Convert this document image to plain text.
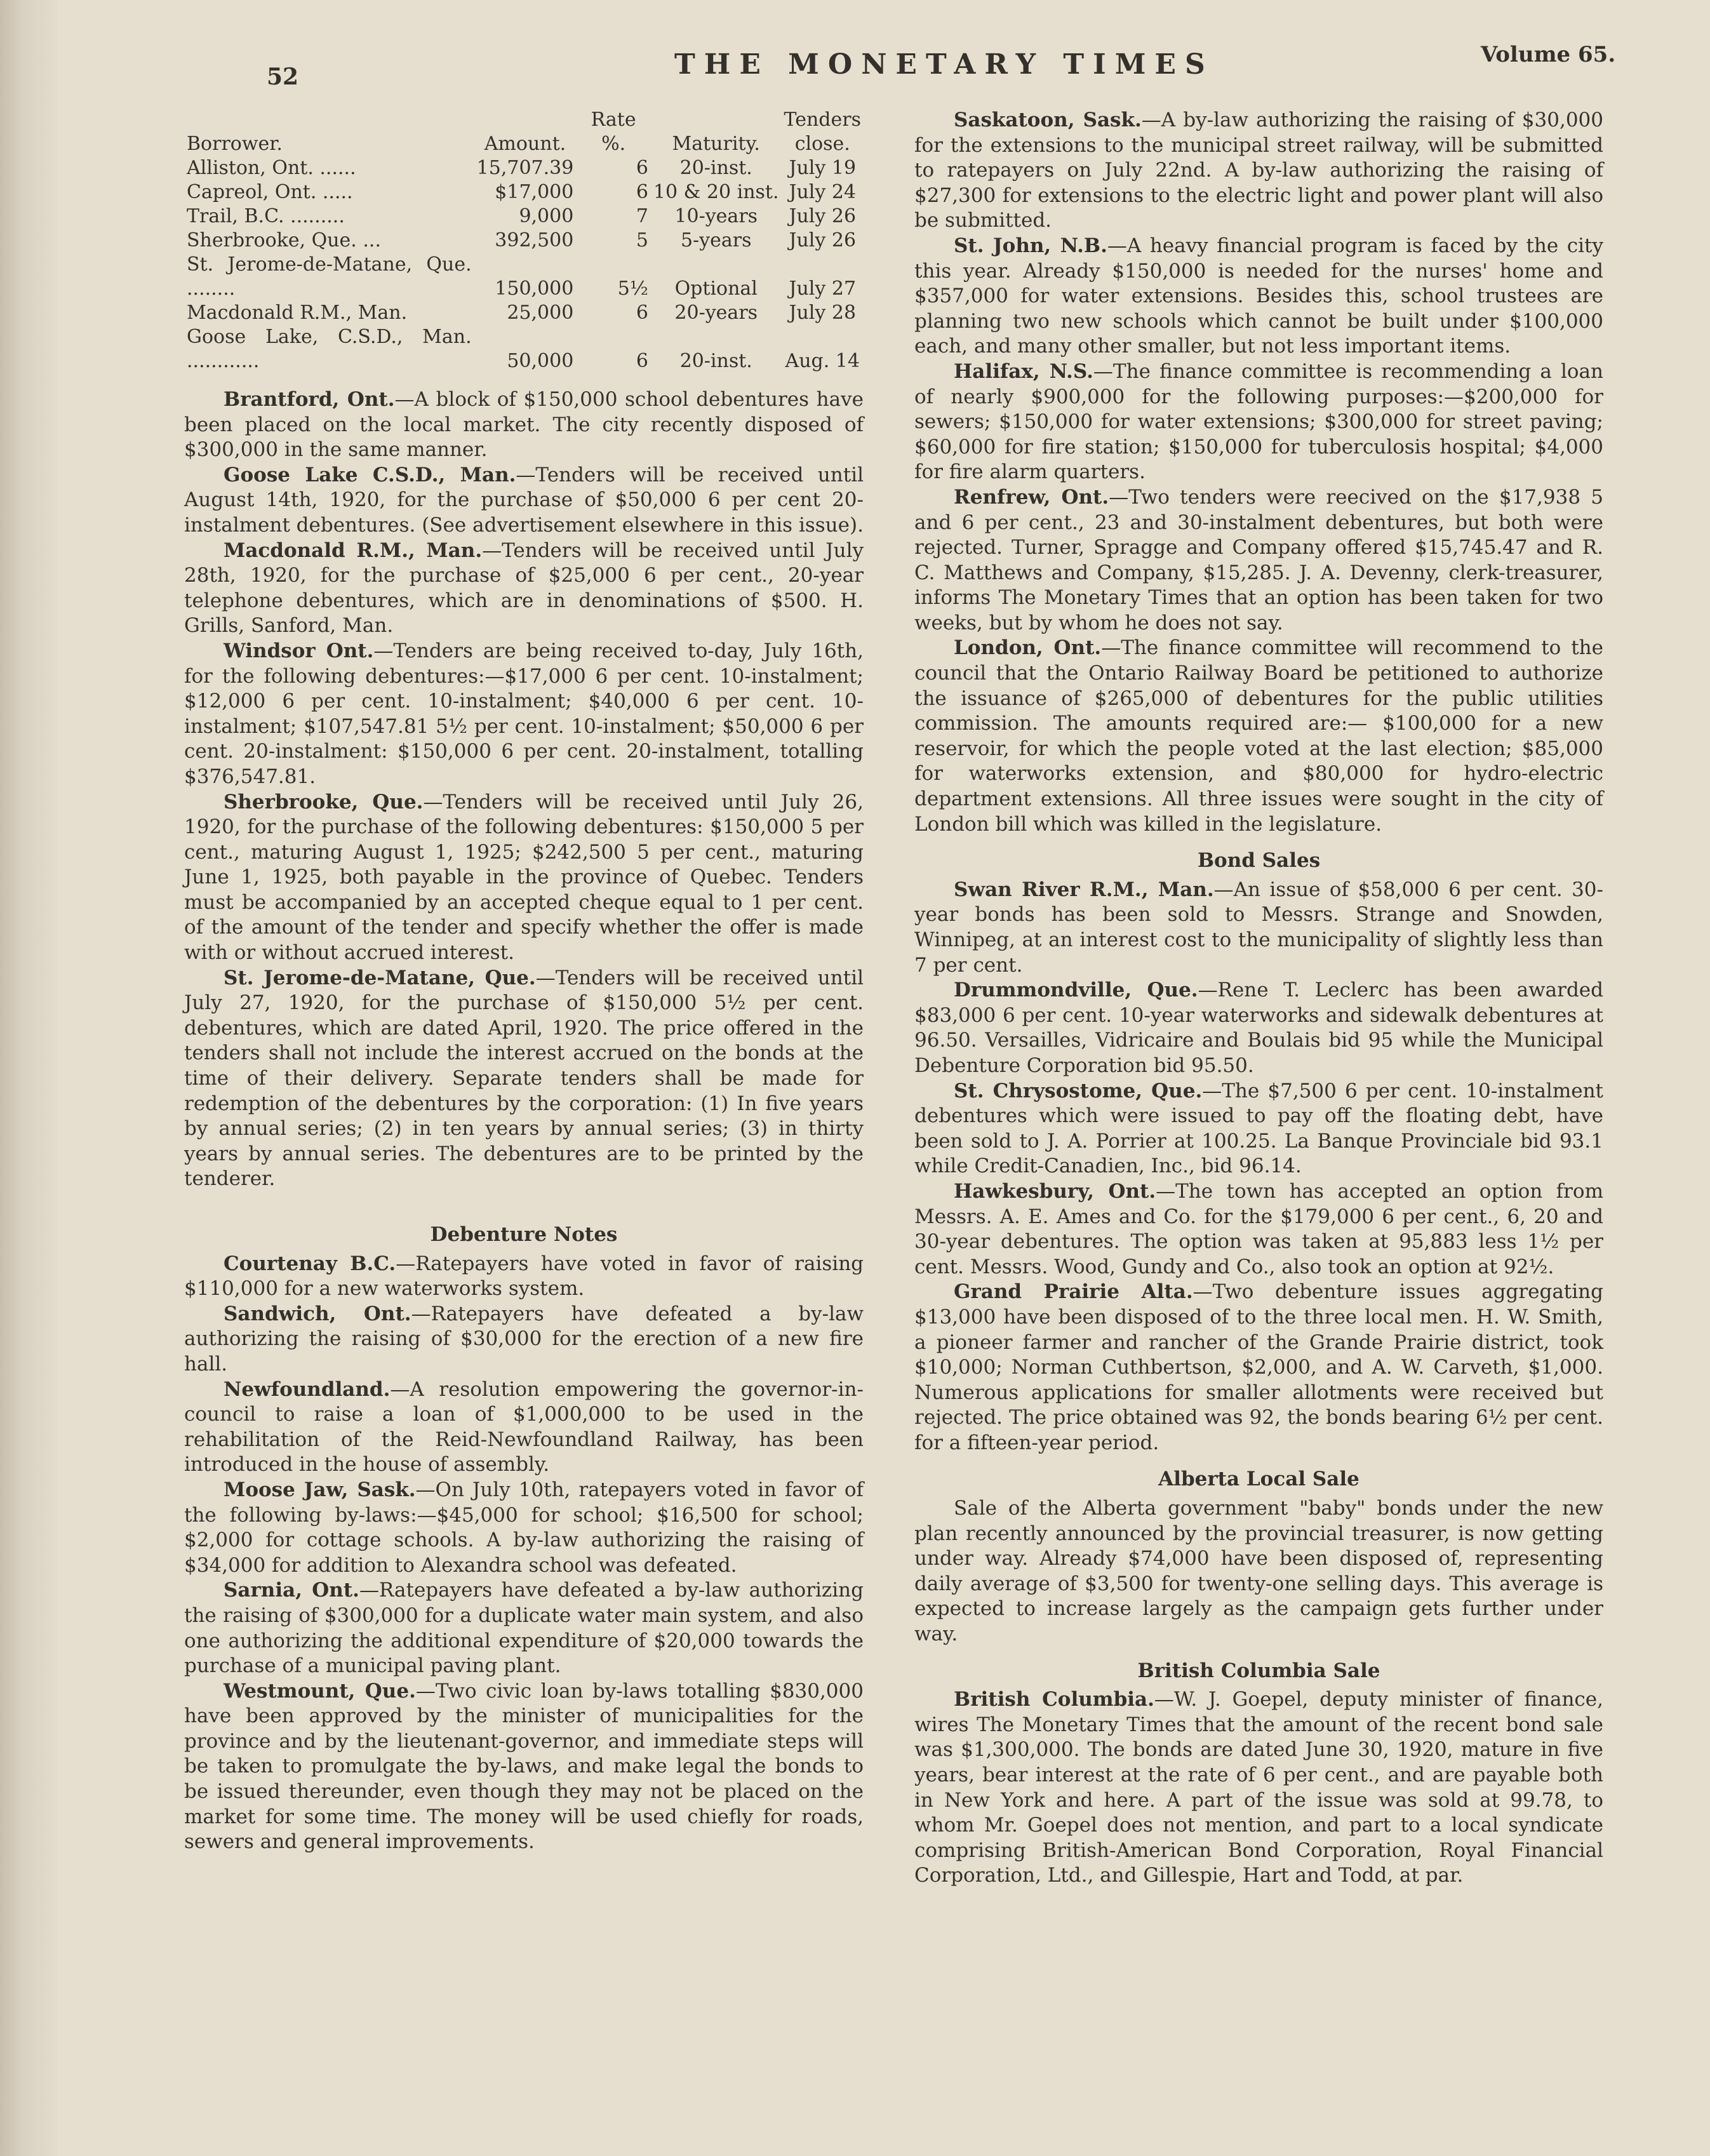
52	THE MONETARY TIMES	Volume 65.
Borrower.	Amount.	Rate %.	Maturity.	Tenders
close.
Alliston, Ont. ......	15,707.39	6	20-inst.	July 19
Capreol, Ont. .....	$17,000	6	10 & 20 inst.	July 24
Trail, B.C. .........	9,000	7	10-years	July 26
Sherbrooke, Que. ...	392,500	5	5-years	July 26
St. Jerome-de-Matane, Que. ........	150,000	5½	Optional	July 27
Macdonald R.M., Man.	25,000	6	20-years	July 28
Goose Lake, C.S.D., Man. ............	50,000	6	20-inst.	Aug. 14

Brantford, Ont.—A block of $150,000 school debentures have been placed on the local market. The city recently disposed of $300,000 in the same manner.

Goose Lake C.S.D., Man.—Tenders will be received until August 14th, 1920, for the purchase of $50,000 6 per cent 20-instalment debentures. (See advertisement elsewhere in this issue).

Macdonald R.M., Man.—Tenders will be received until July 28th, 1920, for the purchase of $25,000 6 per cent., 20-year telephone debentures, which are in denominations of $500. H. Grills, Sanford, Man.

Windsor Ont.—Tenders are being received to-day, July 16th, for the following debentures:—$17,000 6 per cent. 10-instalment; $12,000 6 per cent. 10-instalment; $40,000 6 per cent. 10-instalment; $107,547.81 5½ per cent. 10-instalment; $50,000 6 per cent. 20-instalment: $150,000 6 per cent. 20-instalment, totalling $376,547.81.

Sherbrooke, Que.—Tenders will be received until July 26, 1920, for the purchase of the following debentures: $150,000 5 per cent., maturing August 1, 1925; $242,500 5 per cent., maturing June 1, 1925, both payable in the province of Quebec. Tenders must be accompanied by an accepted cheque equal to 1 per cent. of the amount of the tender and specify whether the offer is made with or without accrued interest.

St. Jerome-de-Matane, Que.—Tenders will be received until July 27, 1920, for the purchase of $150,000 5½ per cent. debentures, which are dated April, 1920. The price offered in the tenders shall not include the interest accrued on the bonds at the time of their delivery. Separate tenders shall be made for redemption of the debentures by the corporation: (1) In five years by annual series; (2) in ten years by annual series; (3) in thirty years by annual series. The debentures are to be printed by the tenderer.

Debenture Notes

Courtenay B.C.—Ratepayers have voted in favor of raising $110,000 for a new waterworks system.

Sandwich, Ont.—Ratepayers have defeated a by-law authorizing the raising of $30,000 for the erection of a new fire hall.

Newfoundland.—A resolution empowering the governor-in-council to raise a loan of $1,000,000 to be used in the rehabilitation of the Reid-Newfoundland Railway, has been introduced in the house of assembly.

Moose Jaw, Sask.—On July 10th, ratepayers voted in favor of the following by-laws:—$45,000 for school; $16,500 for school; $2,000 for cottage schools. A by-law authorizing the raising of $34,000 for addition to Alexandra school was defeated.

Sarnia, Ont.—Ratepayers have defeated a by-law authorizing the raising of $300,000 for a duplicate water main system, and also one authorizing the additional expenditure of $20,000 towards the purchase of a municipal paving plant.

Westmount, Que.—Two civic loan by-laws totalling $830,000 have been approved by the minister of municipalities for the province and by the lieutenant-governor, and immediate steps will be taken to promulgate the by-laws, and make legal the bonds to be issued thereunder, even though they may not be placed on the market for some time. The money will be used chiefly for roads, sewers and general improvements.

Saskatoon, Sask.—A by-law authorizing the raising of $30,000 for the extensions to the municipal street railway, will be submitted to ratepayers on July 22nd. A by-law authorizing the raising of $27,300 for extensions to the electric light and power plant will also be submitted.

St. John, N.B.—A heavy financial program is faced by the city this year. Already $150,000 is needed for the nurses' home and $357,000 for water extensions. Besides this, school trustees are planning two new schools which cannot be built under $100,000 each, and many other smaller, but not less important items.

Halifax, N.S.—The finance committee is recommending a loan of nearly $900,000 for the following purposes:—$200,000 for sewers; $150,000 for water extensions; $300,000 for street paving; $60,000 for fire station; $150,000 for tuberculosis hospital; $4,000 for fire alarm quarters.

Renfrew, Ont.—Two tenders were reecived on the $17,938 5 and 6 per cent., 23 and 30-instalment debentures, but both were rejected. Turner, Spragge and Company offered $15,745.47 and R. C. Matthews and Company, $15,285. J. A. Devenny, clerk-treasurer, informs The Monetary Times that an option has been taken for two weeks, but by whom he does not say.

London, Ont.—The finance committee will recommend to the council that the Ontario Railway Board be petitioned to authorize the issuance of $265,000 of debentures for the public utilities commission. The amounts required are:— $100,000 for a new reservoir, for which the people voted at the last election; $85,000 for waterworks extension, and $80,000 for hydro-electric department extensions. All three issues were sought in the city of London bill which was killed in the legislature.

Bond Sales

Swan River R.M., Man.—An issue of $58,000 6 per cent. 30-year bonds has been sold to Messrs. Strange and Snowden, Winnipeg, at an interest cost to the municipality of slightly less than 7 per cent.

Drummondville, Que.—Rene T. Leclerc has been awarded $83,000 6 per cent. 10-year waterworks and sidewalk debentures at 96.50. Versailles, Vidricaire and Boulais bid 95 while the Municipal Debenture Corporation bid 95.50.

St. Chrysostome, Que.—The $7,500 6 per cent. 10-instalment debentures which were issued to pay off the floating debt, have been sold to J. A. Porrier at 100.25. La Banque Provinciale bid 93.1 while Credit-Canadien, Inc., bid 96.14.

Hawkesbury, Ont.—The town has accepted an option from Messrs. A. E. Ames and Co. for the $179,000 6 per cent., 6, 20 and 30-year debentures. The option was taken at 95,883 less 1½ per cent. Messrs. Wood, Gundy and Co., also took an option at 92½.

Grand Prairie Alta.—Two debenture issues aggregating $13,000 have been disposed of to the three local men. H. W. Smith, a pioneer farmer and rancher of the Grande Prairie district, took $10,000; Norman Cuthbertson, $2,000, and A. W. Carveth, $1,000. Numerous applications for smaller allotments were received but rejected. The price obtained was 92, the bonds bearing 6½ per cent. for a fifteen-year period.

Alberta Local Sale

Sale of the Alberta government "baby" bonds under the new plan recently announced by the provincial treasurer, is now getting under way. Already $74,000 have been disposed of, representing daily average of $3,500 for twenty-one selling days. This average is expected to increase largely as the campaign gets further under way.

British Columbia Sale

British Columbia.—W. J. Goepel, deputy minister of finance, wires The Monetary Times that the amount of the recent bond sale was $1,300,000. The bonds are dated June 30, 1920, mature in five years, bear interest at the rate of 6 per cent., and are payable both in New York and here. A part of the issue was sold at 99.78, to whom Mr. Goepel does not mention, and part to a local syndicate comprising British-American Bond Corporation, Royal Financial Corporation, Ltd., and Gillespie, Hart and Todd, at par.
